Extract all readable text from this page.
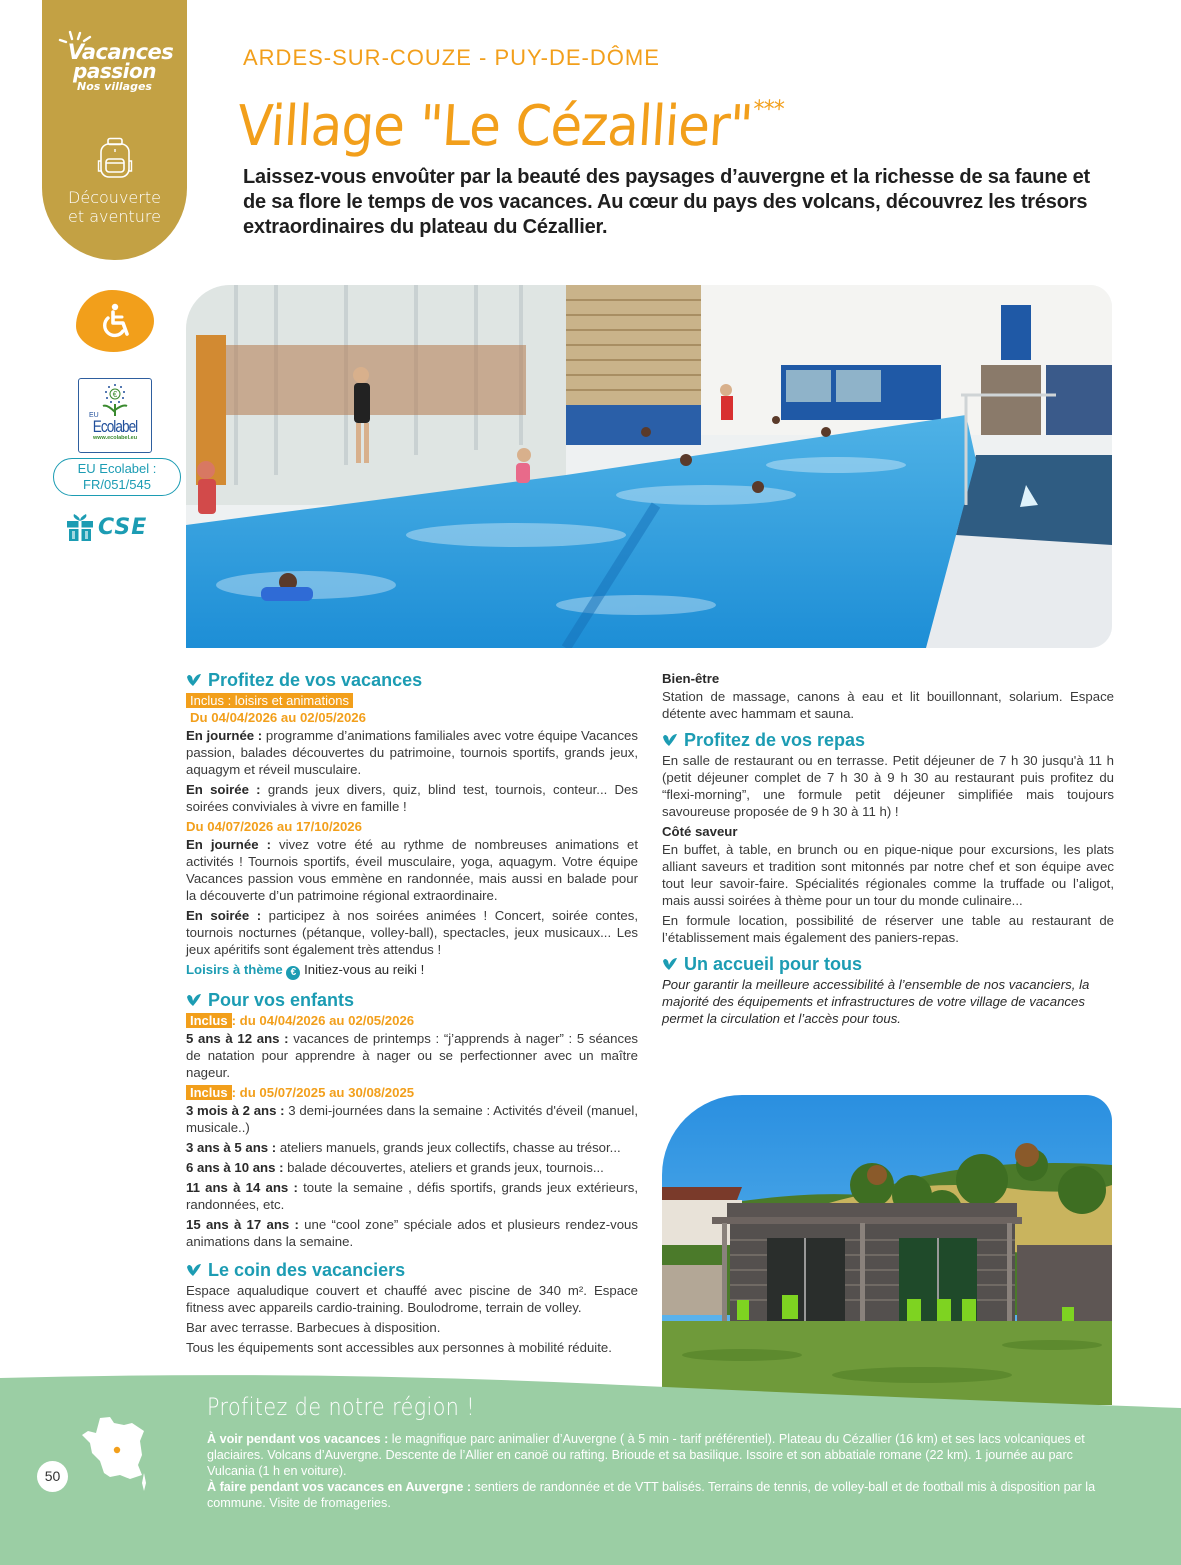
Vacances
passion
Nos villages
Découverte
et aventure
€
EU
Ecolabel
www.ecolabel.eu
EU Ecolabel :
FR/051/545
CSE
ARDES-SUR-COUZE - PUY-DE-DÔME
Village "Le Cézallier"***
Laissez-vous envoûter par la beauté des paysages d’auvergne et la richesse de sa faune et de sa flore le temps de vos vacances. Au cœur du pays des volcans, découvrez les trésors extraordinaires du plateau du Cézallier.
Profitez de vos vacances
Inclus : loisirs et animations
Du 04/04/2026 au 02/05/2026
En journée : programme d’animations familiales avec votre équipe Vacances passion, balades découvertes du patrimoine, tournois sportifs, grands jeux, aquagym et réveil musculaire.
En soirée : grands jeux divers, quiz, blind test, tournois, conteur... Des soirées conviviales à vivre en famille !
Du 04/07/2026 au 17/10/2026
En journée : vivez votre été au rythme de nombreuses animations et activités ! Tournois sportifs, éveil musculaire, yoga, aquagym. Votre équipe Vacances passion vous emmène en randonnée, mais aussi en balade pour la découverte d’un patrimoine régional extraordinaire.
En soirée : participez à nos soirées animées ! Concert, soirée contes, tournois nocturnes (pétanque, volley-ball), spectacles, jeux musicaux... Les jeux apéritifs sont également très attendus !
Loisirs à thème € Initiez-vous au reiki !
Pour vos enfants
Inclus : du 04/04/2026 au 02/05/2026
5 ans à 12 ans : vacances de printemps : “j’apprends à nager” : 5 séances de natation pour apprendre à nager ou se perfectionner avec un maître nageur.
Inclus : du 05/07/2025 au 30/08/2025
3 mois à 2 ans : 3 demi-journées dans la semaine : Activités d'éveil (manuel, musicale..)
3 ans à 5 ans : ateliers manuels, grands jeux collectifs, chasse au trésor...
6 ans à 10 ans : balade découvertes, ateliers et grands jeux, tournois...
11 ans à 14 ans : toute la semaine , défis sportifs, grands jeux extérieurs, randonnées, etc.
15 ans à 17 ans : une “cool zone” spéciale ados et plusieurs rendez-vous animations dans la semaine.
Le coin des vacanciers
Espace aqualudique couvert et chauffé avec piscine de 340 m². Espace fitness avec appareils cardio-training. Boulodrome, terrain de volley.
Bar avec terrasse. Barbecues à disposition.
Tous les équipements sont accessibles aux personnes à mobilité réduite.
Bien-être
Station de massage, canons à eau et lit bouillonnant, solarium. Espace détente avec hammam et sauna.
Profitez de vos repas
En salle de restaurant ou en terrasse. Petit déjeuner de 7 h 30 jusqu'à 11 h (petit déjeuner complet de 7 h 30 à 9 h 30 au restaurant puis profitez du “flexi-morning”, une formule petit déjeuner simplifiée mais toujours savoureuse proposée de 9 h 30 à 11 h) !
Côté saveur
En buffet, à table, en brunch ou en pique-nique pour excursions, les plats alliant saveurs et tradition sont mitonnés par notre chef et son équipe avec tout leur savoir-faire. Spécialités régionales comme la truffade ou l’aligot, mais aussi soirées à thème pour un tour du monde culinaire...
En formule location, possibilité de réserver une table au restaurant de l’établissement mais également des paniers-repas.
Un accueil pour tous
Pour garantir la meilleure accessibilité à l’ensemble de nos vacanciers, la majorité des équipements et infrastructures de votre village de vacances permet la circulation et l’accès pour tous.
50
Profitez de notre région !
À voir pendant vos vacances : le magnifique parc animalier d’Auvergne ( à 5 min - tarif préférentiel). Plateau du Cézallier (16 km) et ses lacs volcaniques et glaciaires. Volcans d’Auvergne. Descente de l’Allier en canoë ou rafting. Brioude et sa basilique. Issoire et son abbatiale romane (22 km). 1 journée au parc Vulcania (1 h en voiture).
À faire pendant vos vacances en Auvergne : sentiers de randonnée et de VTT balisés. Terrains de tennis, de volley-ball et de football mis à disposition par la commune. Visite de fromageries.
